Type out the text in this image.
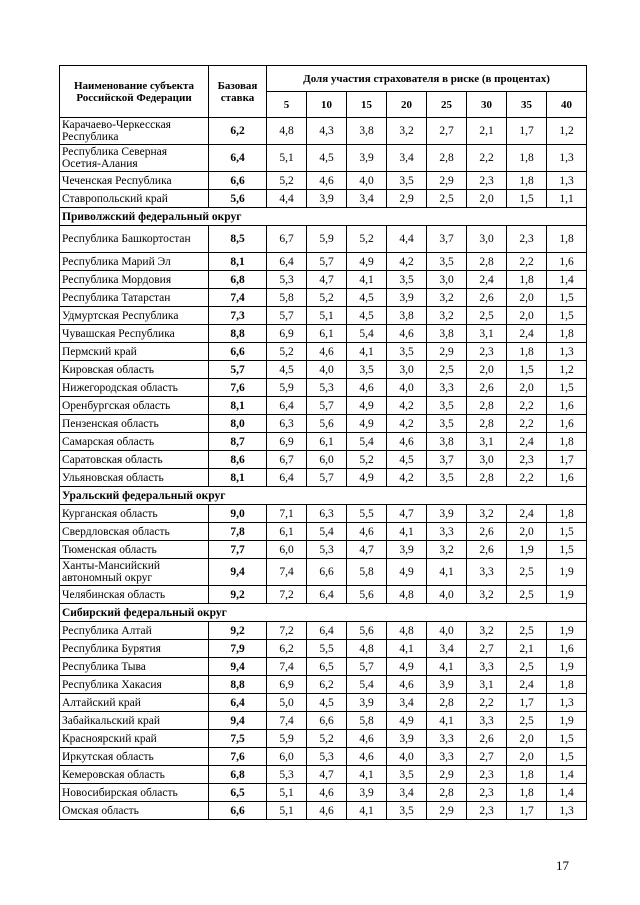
Наименование субъекта Российской Федерации	Базовая ставка	Доля участия страхователя в риске (в процентах)							
		5	10	15	20	25	30	35	40
Карачаево-Черкесская Республика	6,2	4,8	4,3	3,8	3,2	2,7	2,1	1,7	1,2
Республика Северная Осетия-Алания	6,4	5,1	4,5	3,9	3,4	2,8	2,2	1,8	1,3
Чеченская Республика	6,6	5,2	4,6	4,0	3,5	2,9	2,3	1,8	1,3
Ставропольский край	5,6	4,4	3,9	3,4	2,9	2,5	2,0	1,5	1,1
Приволжский федеральный округ									
Республика Башкортостан	8,5	6,7	5,9	5,2	4,4	3,7	3,0	2,3	1,8
Республика Марий Эл	8,1	6,4	5,7	4,9	4,2	3,5	2,8	2,2	1,6
Республика Мордовия	6,8	5,3	4,7	4,1	3,5	3,0	2,4	1,8	1,4
Республика Татарстан	7,4	5,8	5,2	4,5	3,9	3,2	2,6	2,0	1,5
Удмуртская Республика	7,3	5,7	5,1	4,5	3,8	3,2	2,5	2,0	1,5
Чувашская Республика	8,8	6,9	6,1	5,4	4,6	3,8	3,1	2,4	1,8
Пермский край	6,6	5,2	4,6	4,1	3,5	2,9	2,3	1,8	1,3
Кировская область	5,7	4,5	4,0	3,5	3,0	2,5	2,0	1,5	1,2
Нижегородская область	7,6	5,9	5,3	4,6	4,0	3,3	2,6	2,0	1,5
Оренбургская область	8,1	6,4	5,7	4,9	4,2	3,5	2,8	2,2	1,6
Пензенская область	8,0	6,3	5,6	4,9	4,2	3,5	2,8	2,2	1,6
Самарская область	8,7	6,9	6,1	5,4	4,6	3,8	3,1	2,4	1,8
Саратовская область	8,6	6,7	6,0	5,2	4,5	3,7	3,0	2,3	1,7
Ульяновская область	8,1	6,4	5,7	4,9	4,2	3,5	2,8	2,2	1,6
Уральский федеральный округ									
Курганская область	9,0	7,1	6,3	5,5	4,7	3,9	3,2	2,4	1,8
Свердловская область	7,8	6,1	5,4	4,6	4,1	3,3	2,6	2,0	1,5
Тюменская область	7,7	6,0	5,3	4,7	3,9	3,2	2,6	1,9	1,5
Ханты-Мансийский автономный округ	9,4	7,4	6,6	5,8	4,9	4,1	3,3	2,5	1,9
Челябинская область	9,2	7,2	6,4	5,6	4,8	4,0	3,2	2,5	1,9
Сибирский федеральный округ									
Республика Алтай	9,2	7,2	6,4	5,6	4,8	4,0	3,2	2,5	1,9
Республика Бурятия	7,9	6,2	5,5	4,8	4,1	3,4	2,7	2,1	1,6
Республика Тыва	9,4	7,4	6,5	5,7	4,9	4,1	3,3	2,5	1,9
Республика Хакасия	8,8	6,9	6,2	5,4	4,6	3,9	3,1	2,4	1,8
Алтайский край	6,4	5,0	4,5	3,9	3,4	2,8	2,2	1,7	1,3
Забайкальский край	9,4	7,4	6,6	5,8	4,9	4,1	3,3	2,5	1,9
Красноярский край	7,5	5,9	5,2	4,6	3,9	3,3	2,6	2,0	1,5
Иркутская область	7,6	6,0	5,3	4,6	4,0	3,3	2,7	2,0	1,5
Кемеровская область	6,8	5,3	4,7	4,1	3,5	2,9	2,3	1,8	1,4
Новосибирская область	6,5	5,1	4,6	3,9	3,4	2,8	2,3	1,8	1,4
Омская область	6,6	5,1	4,6	4,1	3,5	2,9	2,3	1,7	1,3
17
